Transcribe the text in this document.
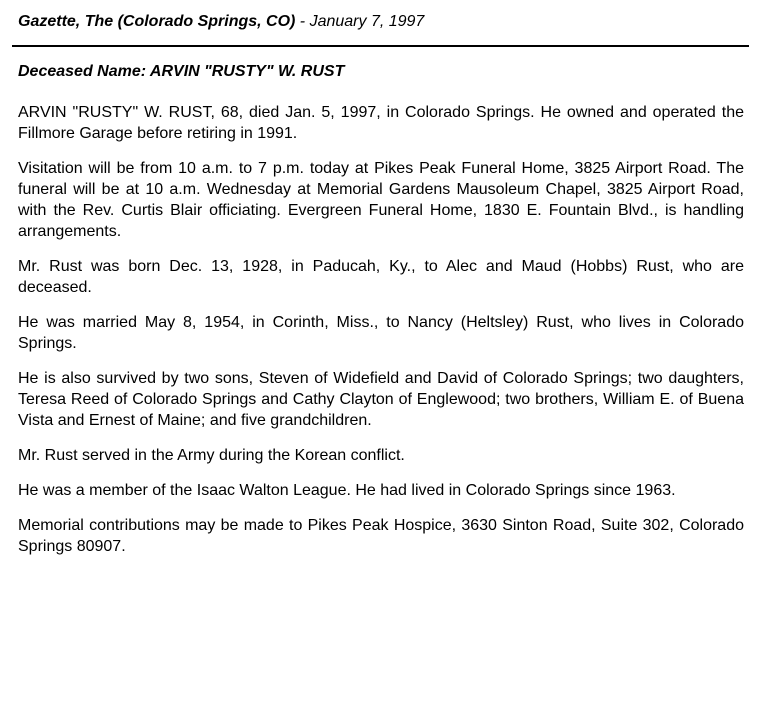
Gazette, The (Colorado Springs, CO) - January 7, 1997
Deceased Name: ARVIN "RUSTY" W. RUST

ARVIN "RUSTY" W. RUST, 68, died Jan. 5, 1997, in Colorado Springs. He owned and operated the Fillmore Garage before retiring in 1991.

Visitation will be from 10 a.m. to 7 p.m. today at Pikes Peak Funeral Home, 3825 Airport Road. The funeral will be at 10 a.m. Wednesday at Memorial Gardens Mausoleum Chapel, 3825 Airport Road, with the Rev. Curtis Blair officiating. Evergreen Funeral Home, 1830 E. Fountain Blvd., is handling arrangements.

Mr. Rust was born Dec. 13, 1928, in Paducah, Ky., to Alec and Maud (Hobbs) Rust, who are deceased.

He was married May 8, 1954, in Corinth, Miss., to Nancy (Heltsley) Rust, who lives in Colorado Springs.

He is also survived by two sons, Steven of Widefield and David of Colorado Springs; two daughters, Teresa Reed of Colorado Springs and Cathy Clayton of Englewood; two brothers, William E. of Buena Vista and Ernest of Maine; and five grandchildren.

Mr. Rust served in the Army during the Korean conflict.

He was a member of the Isaac Walton League. He had lived in Colorado Springs since 1963.

Memorial contributions may be made to Pikes Peak Hospice, 3630 Sinton Road, Suite 302, Colorado Springs 80907.
